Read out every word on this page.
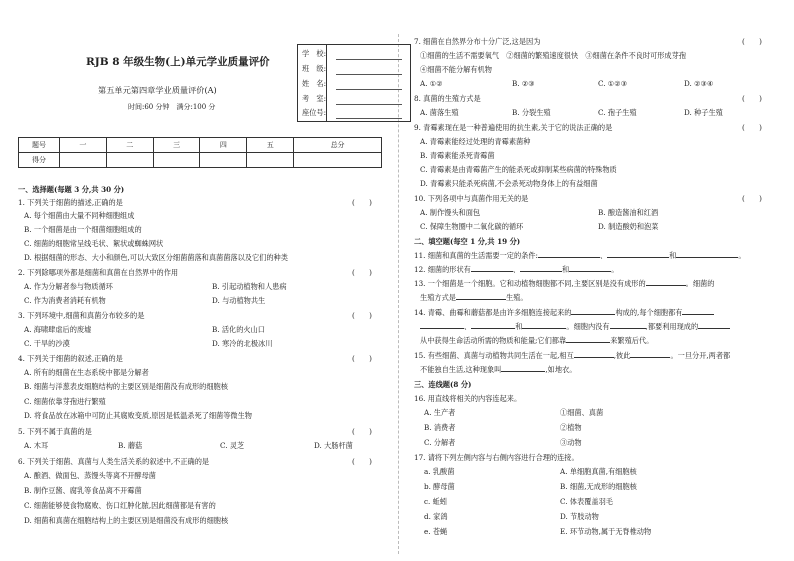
RJB 8 年级生物(上)单元学业质量评价
第五单元第四章学业质量评价(A)
时间:60 分钟　满分:100 分
学　校:
班　级:
姓　名:
考　室:
座位号:
题号	一	二	三	四	五	总分
得分						
一、选择题(每题 3 分,共 30 分)
1. 下列关于细菌的描述,正确的是	(　　)
A. 每个细菌由大量不同种细胞组成
B. 一个细菌是由一个细菌细胞组成的
C. 细菌的细胞常呈线毛状、絮状或蜘蛛网状
D. 根据细菌的形态、大小和颜色,可以大致区分细菌菌落和真菌菌落以及它们的种类
2. 下列除哪项外都是细菌和真菌在自然界中的作用	(　　)
A. 作为分解者参与物质循环	B. 引起动植物和人患病
C. 作为消费者消耗有机物	D. 与动植物共生
3. 下列环境中,细菌和真菌分布较多的是	(　　)
A. 海啸肆虐后的废墟	B. 活化的火山口
C. 干旱的沙漠	D. 寒冷的北极冰川
4. 下列关于细菌的叙述,正确的是	(　　)
A. 所有的细菌在生态系统中都是分解者
B. 细菌与洋葱表皮细胞结构的主要区别是细菌没有成形的细胞核
C. 细菌依靠芽孢进行繁殖
D. 将食品放在冰箱中可防止其腐败变质,原因是低温杀死了细菌等微生物
5. 下列不属于真菌的是	(　　)
A. 木耳	B. 蘑菇	C. 灵芝	D. 大肠杆菌
6. 下列关于细菌、真菌与人类生活关系的叙述中,不正确的是	(　　)
A. 酿酒、做面包、蒸馒头等离不开酵母菌
B. 制作豆酱、腐乳等食品离不开霉菌
C. 细菌能够使食物腐败、伤口红肿化脓,因此细菌都是有害的
D. 细菌和真菌在细胞结构上的主要区别是细菌没有成形的细胞核
7. 细菌在自然界分布十分广泛,这是因为	(　　)
①细菌的生活不需要氧气　②细菌的繁殖速度很快　③细菌在条件不良时可形成芽孢
④细菌不能分解有机物
A. ①②	B. ②③	C. ①②③	D. ②③④
8. 真菌的生殖方式是	(　　)
A. 菌落生殖	B. 分裂生殖	C. 孢子生殖	D. 种子生殖
9. 青霉素现在是一种普遍使用的抗生素,关于它的说法正确的是	(　　)
A. 青霉素能经过处理的青霉素菌种
B. 青霉素能杀死青霉菌
C. 青霉素是由青霉菌产生的能杀死或抑制某些病菌的特殊物质
D. 青霉素只能杀死病菌,不会杀死动物身体上的有益细菌
10. 下列各项中与真菌作用无关的是	(　　)
A. 制作馒头和面包	B. 酿造酱油和红酒
C. 保障生物圈中二氧化碳的循环	D. 制造酸奶和泡菜
二、填空题(每空 1 分,共 19 分)
11. 细菌和真菌的生活需要一定的条件:	、	和	。
12. 细菌的形状有	、	和	。
13. 一个细菌是一个细胞。它和动植物细胞都不同,主要区别是没有成形的	。细菌的
生殖方式是	生殖。
14. 青霉、曲霉和蘑菇都是由许多细胞连接起来的	构成的,每个细胞都有
、	和	。细胞内没有	,都要利用现成的
从中获得生命活动所需的物质和能量;它们都靠	来繁殖后代。
15. 有些细菌、真菌与动植物共同生活在一起,相互	,彼此	。一旦分开,两者都
不能独自生活,这种现象叫	,如地衣。
三、连线题(8 分)
16. 用直线将相关的内容连起来。
A. 生产者	①细菌、真菌
B. 消费者	②植物
C. 分解者	③动物
17. 请将下列左侧内容与右侧内容进行合理的连接。
a. 乳酸菌	A. 单细胞真菌,有细胞核
b. 酵母菌	B. 细菌,无成形的细胞核
c. 蚯蚓	C. 体表覆盖羽毛
d. 家鸽	D. 节肢动物
e. 苍蝇	E. 环节动物,属于无脊椎动物
